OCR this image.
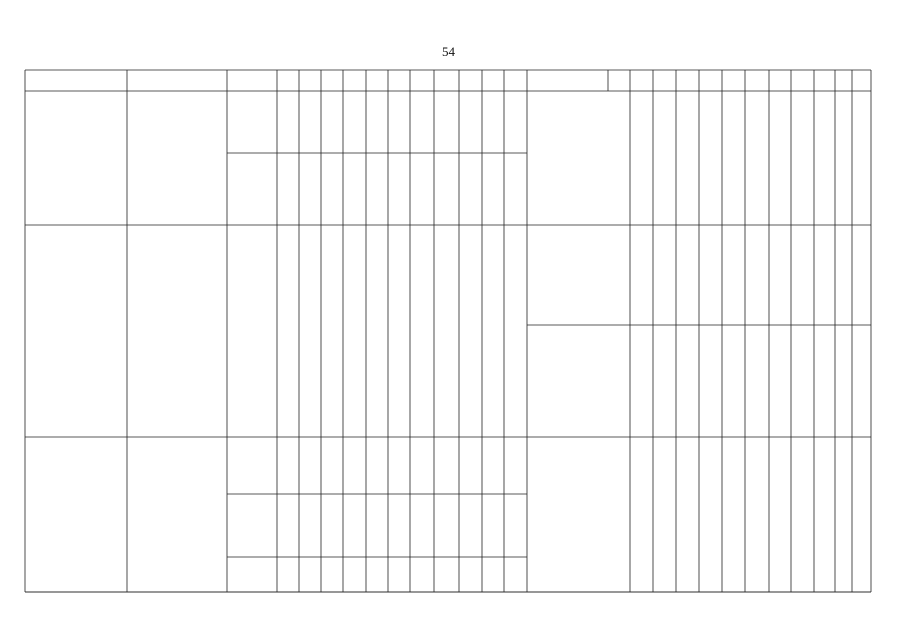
54
